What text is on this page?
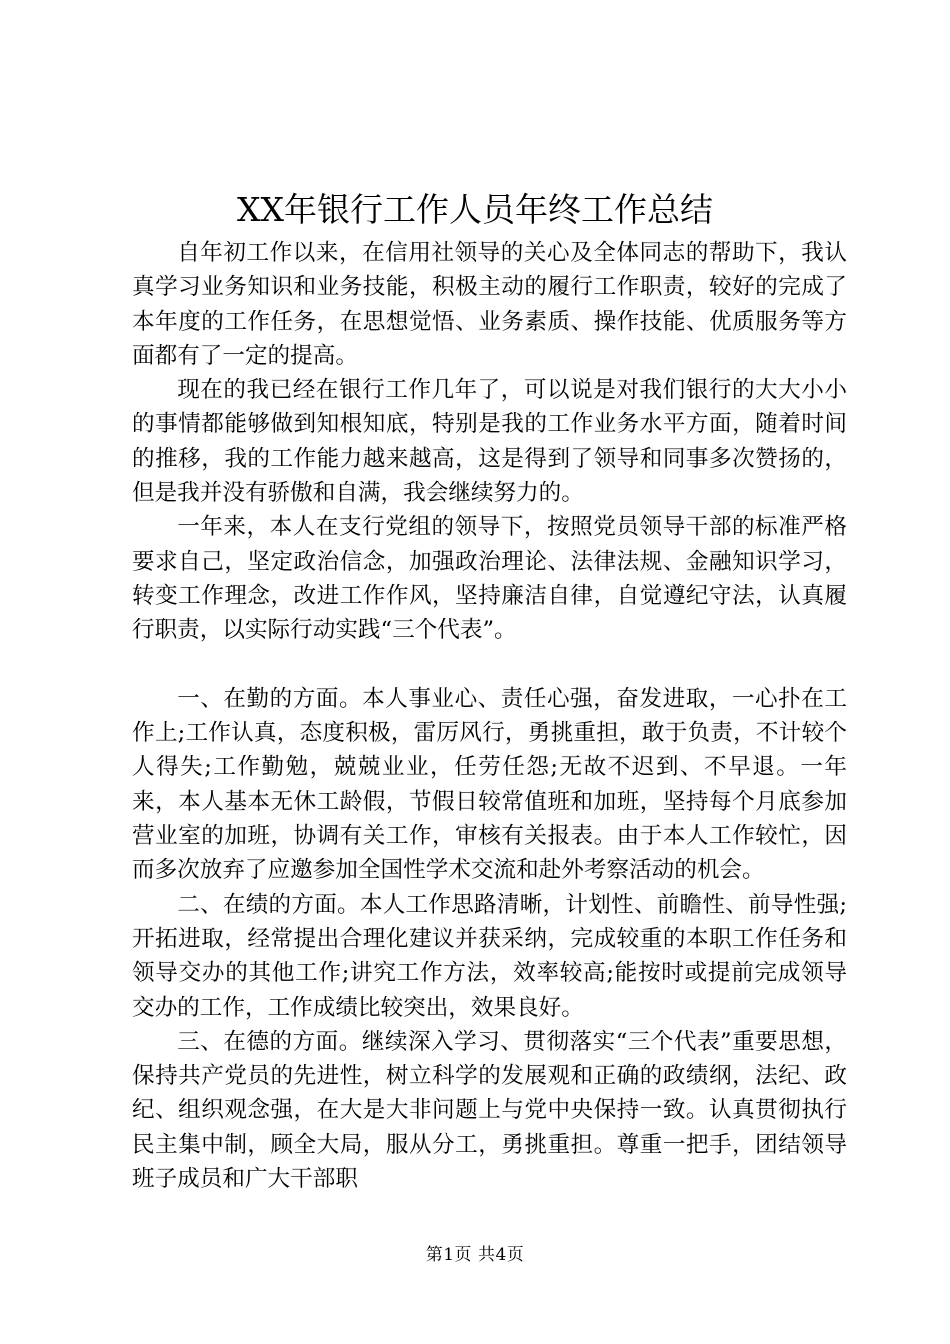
XX年银行工作人员年终工作总结

自年初工作以来，在信用社领导的关心及全体同志的帮助下，我认真学习业务知识和业务技能，积极主动的履行工作职责，较好的完成了本年度的工作任务，在思想觉悟、业务素质、操作技能、优质服务等方面都有了一定的提高。

现在的我已经在银行工作几年了，可以说是对我们银行的大大小小的事情都能够做到知根知底，特别是我的工作业务水平方面，随着时间的推移，我的工作能力越来越高，这是得到了领导和同事多次赞扬的，但是我并没有骄傲和自满，我会继续努力的。

一年来，本人在支行党组的领导下，按照党员领导干部的标准严格要求自己，坚定政治信念，加强政治理论、法律法规、金融知识学习，转变工作理念，改进工作作风，坚持廉洁自律，自觉遵纪守法，认真履行职责，以实际行动实践“三个代表”。

一、在勤的方面。本人事业心、责任心强，奋发进取，一心扑在工作上;工作认真，态度积极，雷厉风行，勇挑重担，敢于负责，不计较个人得失;工作勤勉，兢兢业业，任劳任怨;无故不迟到、不早退。一年来，本人基本无休工龄假，节假日较常值班和加班，坚持每个月底参加营业室的加班，协调有关工作，审核有关报表。由于本人工作较忙，因而多次放弃了应邀参加全国性学术交流和赴外考察活动的机会。

二、在绩的方面。本人工作思路清晰，计划性、前瞻性、前导性强;开拓进取，经常提出合理化建议并获采纳，完成较重的本职工作任务和领导交办的其他工作;讲究工作方法，效率较高;能按时或提前完成领导交办的工作，工作成绩比较突出，效果良好。

三、在德的方面。继续深入学习、贯彻落实“三个代表”重要思想，保持共产党员的先进性，树立科学的发展观和正确的政绩纲，法纪、政纪、组织观念强，在大是大非问题上与党中央保持一致。认真贯彻执行民主集中制，顾全大局，服从分工，勇挑重担。尊重一把手，团结领导班子成员和广大干部职

第1页 共4页
